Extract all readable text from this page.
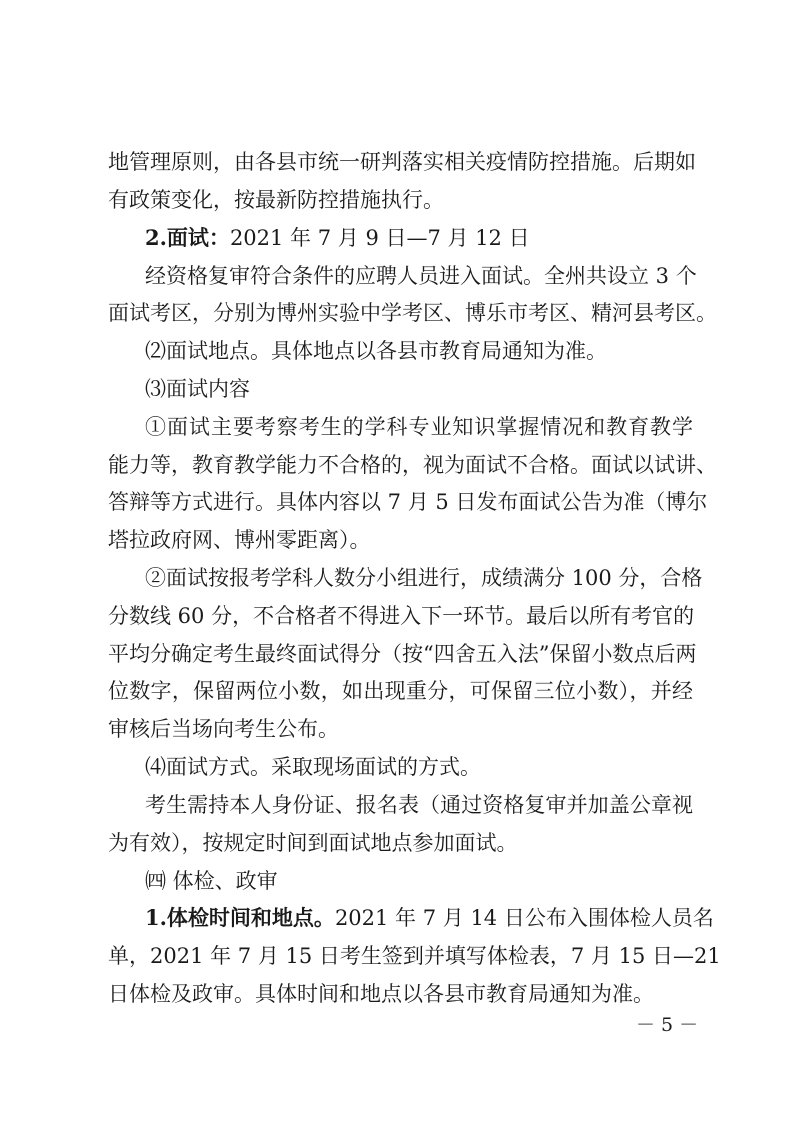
地管理原则，由各县市统一研判落实相关疫情防控措施。后期如
有政策变化，按最新防控措施执行。
2.面试：2021 年 7 月 9 日—7 月 12 日
经资格复审符合条件的应聘人员进入面试。全州共设立 3 个
面试考区，分别为博州实验中学考区、博乐市考区、精河县考区。
⑵面试地点。具体地点以各县市教育局通知为准。
⑶面试内容
①面试主要考察考生的学科专业知识掌握情况和教育教学
能力等，教育教学能力不合格的，视为面试不合格。面试以试讲、
答辩等方式进行。具体内容以 7 月 5 日发布面试公告为准（博尔
塔拉政府网、博州零距离）。
②面试按报考学科人数分小组进行，成绩满分 100 分，合格
分数线 60 分，不合格者不得进入下一环节。最后以所有考官的
平均分确定考生最终面试得分（按“四舍五入法”保留小数点后两
位数字，保留两位小数，如出现重分，可保留三位小数），并经
审核后当场向考生公布。
⑷面试方式。采取现场面试的方式。
考生需持本人身份证、报名表（通过资格复审并加盖公章视
为有效），按规定时间到面试地点参加面试。
㈣ 体检、政审
1.体检时间和地点。2021 年 7 月 14 日公布入围体检人员名
单，2021 年 7 月 15 日考生签到并填写体检表，7 月 15 日—21
日体检及政审。具体时间和地点以各县市教育局通知为准。
－ 5 －
